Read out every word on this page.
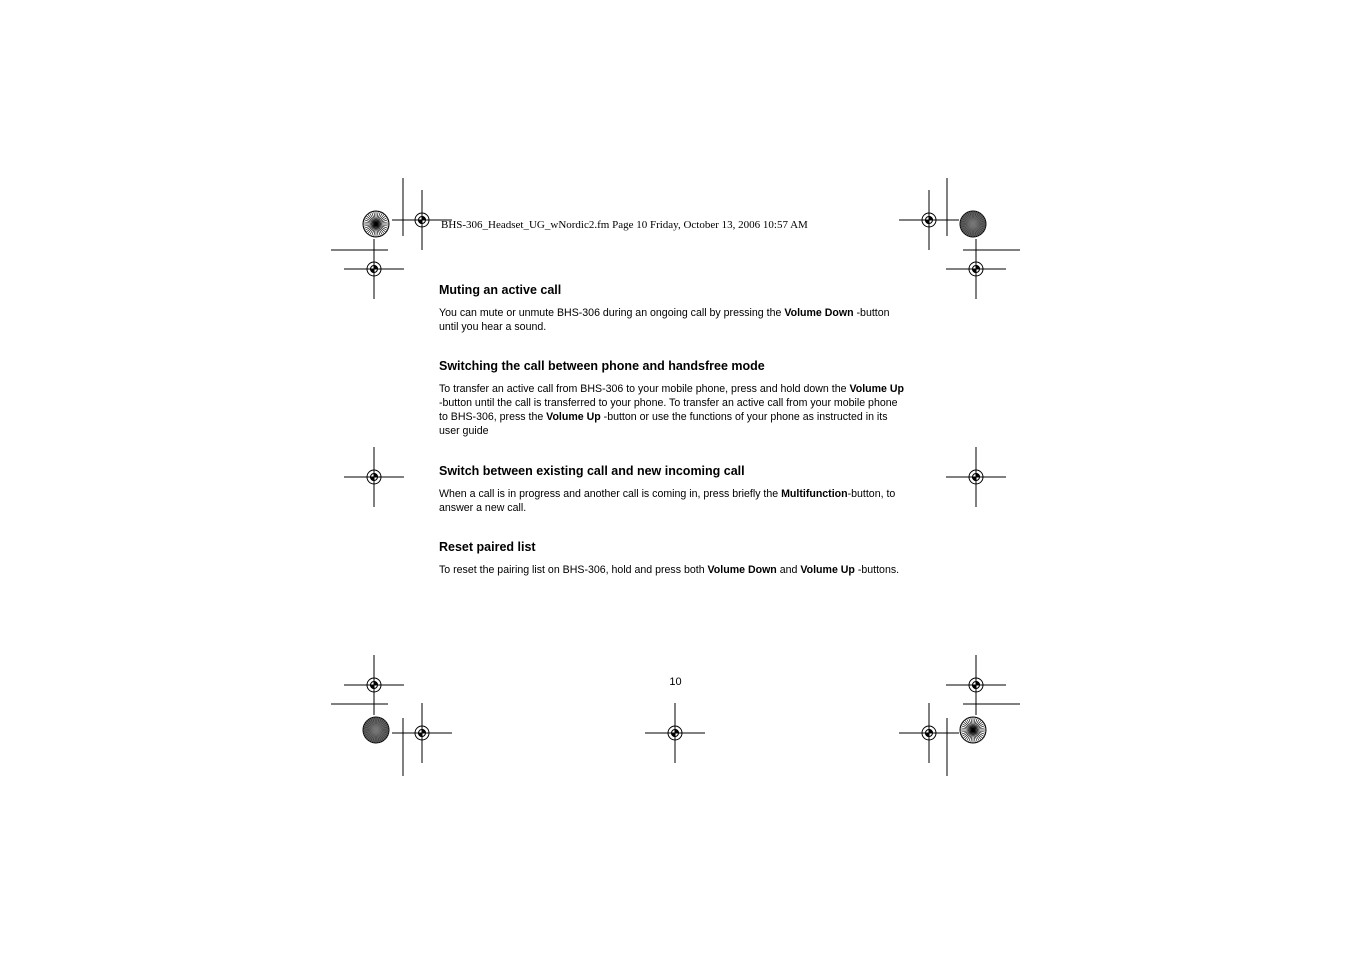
BHS-306_Headset_UG_wNordic2.fm Page 10 Friday, October 13, 2006 10:57 AM
Muting an active call

You can mute or unmute BHS-306 during an ongoing call by pressing the Volume Down -button until you hear a sound.

Switching the call between phone and handsfree mode

To transfer an active call from BHS-306 to your mobile phone, press and hold down the Volume Up -button until the call is transferred to your phone. To transfer an active call from your mobile phone to BHS-306, press the Volume Up -button or use the functions of your phone as instructed in its user guide

Switch between existing call and new incoming call

When a call is in progress and another call is coming in, press briefly the Multifunction-button, to answer a new call.

Reset paired list

To reset the pairing list on BHS-306, hold and press both Volume Down and Volume Up -buttons.

10
